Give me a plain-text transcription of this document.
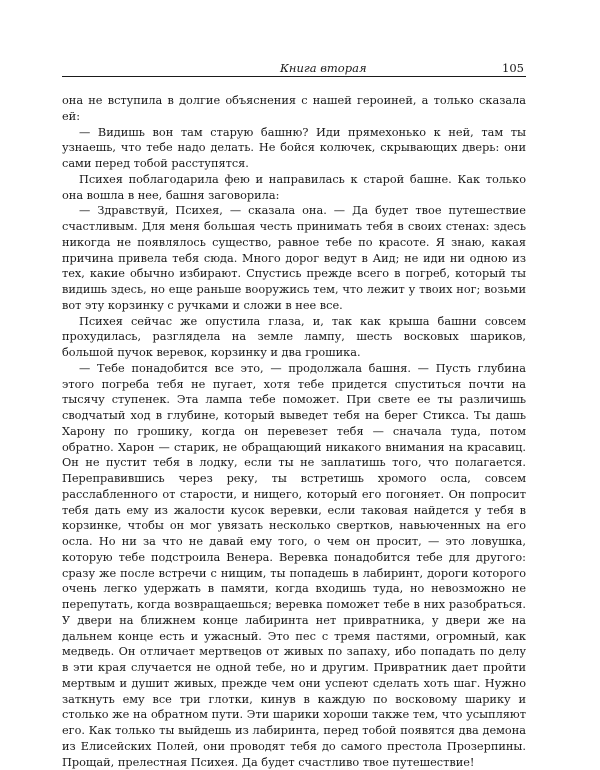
Книга вторая	105

она не вступила в долгие объяснения с нашей героиней, а только сказала ей:

— Видишь вон там старую башню? Иди прямехонько к ней, там ты узнаешь, что тебе надо делать. Не бойся колючек, скрывающих дверь: они сами перед тобой расступятся.

Психея поблагодарила фею и направилась к старой башне. Как только она вошла в нее, башня заговорила:

— Здравствуй, Психея, — сказала она. — Да будет твое путешествие счастливым. Для меня большая честь принимать тебя в своих стенах: здесь никогда не появлялось существо, равное тебе по красоте. Я знаю, какая причина привела тебя сюда. Много дорог ведут в Аид; не иди ни одною из тех, какие обычно избирают. Спустись прежде всего в погреб, который ты видишь здесь, но еще раньше вооружись тем, что лежит у твоих ног; возьми вот эту корзинку с ручками и сложи в нее все.

Психея сейчас же опустила глаза, и, так как крыша башни совсем прохудилась, разглядела на земле лампу, шесть восковых шариков, большой пучок веревок, корзинку и два грошика.

— Тебе понадобится все это, — продолжала башня. — Пусть глубина этого погреба тебя не пугает, хотя тебе придется спуститься почти на тысячу ступенек. Эта лампа тебе поможет. При свете ее ты различишь сводчатый ход в глубине, который выведет тебя на берег Стикса. Ты дашь Харону по грошику, когда он перевезет тебя — сначала туда, потом обратно. Харон — старик, не обращающий никакого внимания на красавиц. Он не пустит тебя в лодку, если ты не заплатишь того, что полагается. Переправившись через реку, ты встретишь хромого осла, совсем расслабленного от старости, и нищего, который его погоняет. Он попросит тебя дать ему из жалости кусок веревки, если таковая найдется у тебя в корзинке, чтобы он мог увязать несколько свертков, навьюченных на его осла. Но ни за что не давай ему того, о чем он просит, — это ловушка, которую тебе подстроила Венера. Веревка понадобится тебе для другого: сразу же после встречи с нищим, ты попадешь в лабиринт, дороги которого очень легко удержать в памяти, когда входишь туда, но невозможно не перепутать, когда возвращаешься; веревка поможет тебе в них разобраться. У двери на ближнем конце лабиринта нет привратника, у двери же на дальнем конце есть и ужасный. Это пес с тремя пастями, огромный, как медведь. Он отличает мертвецов от живых по запаху, ибо попадать по делу в эти края случается не одной тебе, но и другим. Привратник дает пройти мертвым и душит живых, прежде чем они успеют сделать хоть шаг. Нужно заткнуть ему все три глотки, кинув в каждую по восковому шарику и столько же на обратном пути. Эти шарики хороши также тем, что усыпляют его. Как только ты выйдешь из лабиринта, перед тобой появятся два демона из Елисейских Полей, они проводят тебя до самого престола Прозерпины. Прощай, прелестная Психея. Да будет счастливо твое путешествие!
